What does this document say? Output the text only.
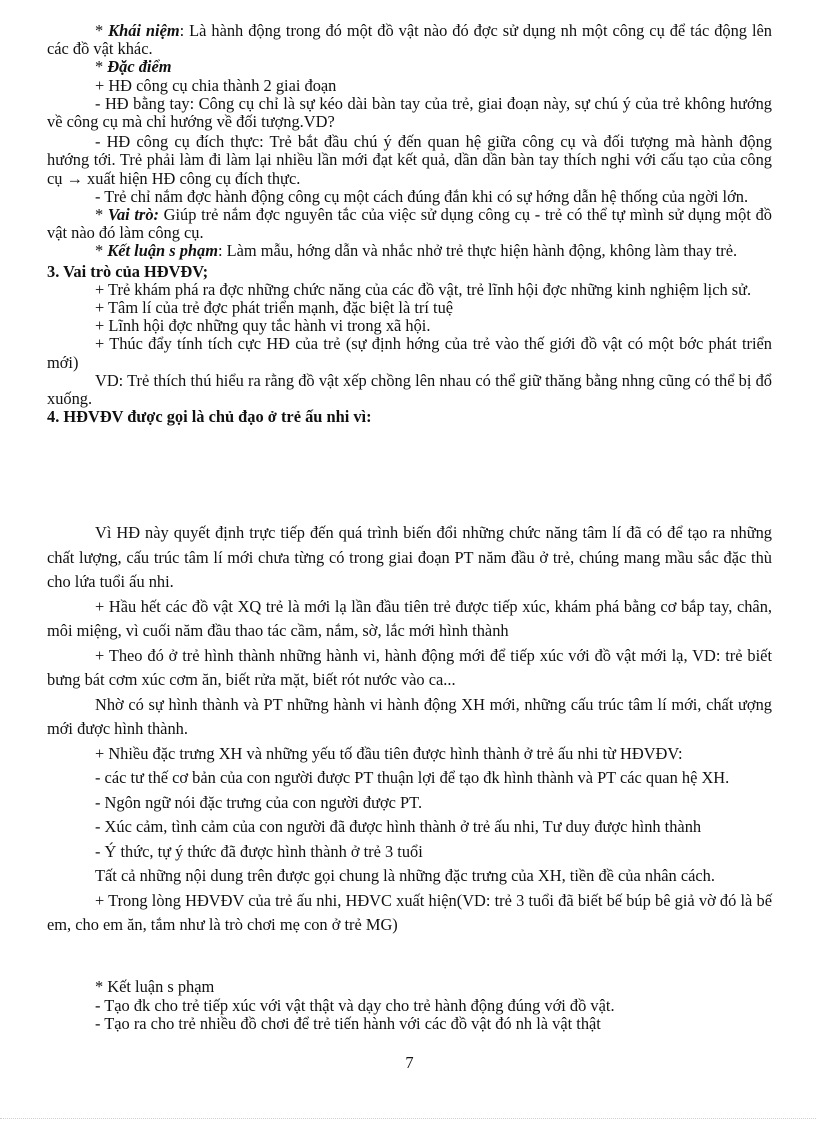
* Khái niệm: Là hành động trong đó một đồ vật nào đó đợc sử dụng nh một công cụ để tác động lên các đồ vật khác.

* Đặc điểm

+ HĐ công cụ chia thành 2 giai đoạn

- HĐ bằng tay: Công cụ chỉ là sự kéo dài bàn tay của trẻ, giai đoạn này, sự chú ý của trẻ không hướng về công cụ mà chỉ hướng về đối tượng.VD?

- HĐ công cụ đích thực: Trẻ bắt đầu chú ý đến quan hệ giữa công cụ và đối tượng mà hành động hướng tới. Trẻ phải làm đi làm lại nhiều lần mới đạt kết quả, dần dần bàn tay thích nghi với cấu tạo của công cụ → xuất hiện HĐ công cụ đích thực.

- Trẻ chỉ nắm đợc hành động công cụ một cách đúng đắn khi có sự hớng dẫn hệ thống của ngời lớn.

* Vai trò: Giúp trẻ nắm đợc nguyên tắc của việc sử dụng công cụ - trẻ có thể tự mình sử dụng một đồ vật nào đó làm công cụ.

* Kết luận s phạm: Làm mẫu, hớng dẫn và nhắc nhở trẻ thực hiện hành động, không làm thay trẻ.

3. Vai trò của HĐVĐV;

+ Trẻ khám phá ra đợc những chức năng của các đồ vật, trẻ lĩnh hội đợc những kinh nghiệm lịch sử.

+ Tâm lí của trẻ đợc phát triển mạnh, đặc biệt là trí tuệ

+ Lĩnh hội đợc những quy tắc hành vi trong xã hội.

+ Thúc đẩy tính tích cực HĐ của trẻ (sự định hớng của trẻ vào thế giới đồ vật có một bớc phát triển mới)

VD: Trẻ thích thú hiểu ra rằng đồ vật xếp chồng lên nhau có thể giữ thăng bằng nhng cũng có thể bị đổ xuống.

4. HĐVĐV được gọi là chủ đạo ở trẻ ấu nhi vì:

Vì HĐ này quyết định trực tiếp đến quá trình biến đổi những chức năng tâm lí đã có để tạo ra những chất lượng, cấu trúc tâm lí mới chưa từng có trong giai đoạn PT năm đầu ở trẻ, chúng mang mầu sắc đặc thù cho lứa tuổi ấu nhi.

+ Hầu hết các đồ vật XQ trẻ là mới lạ lần đầu tiên trẻ được tiếp xúc, khám phá bằng cơ bắp tay, chân, môi miệng, vì cuối năm đầu thao tác cầm, nắm, sờ, lắc mới hình thành

+ Theo đó ở trẻ hình thành những hành vi, hành động mới để tiếp xúc với đồ vật mới lạ, VD: trẻ biết bưng bát cơm xúc cơm ăn, biết rửa mặt, biết rót nước vào ca...

Nhờ có sự hình thành và PT những hành vi hành động XH mới, những cấu trúc tâm lí mới, chất ượng mới được hình thành.

+ Nhiều đặc trưng XH và những yếu tố đầu tiên được hình thành ở trẻ ấu nhi từ HĐVĐV:

- các tư thế cơ bản của con người được PT thuận lợi để tạo đk hình thành và PT các quan hệ XH.

- Ngôn ngữ nói đặc trưng của con người được PT.

- Xúc cảm, tình cảm của con người đã được hình thành ở trẻ ấu nhi, Tư duy được hình thành

- Ý thức, tự ý thức đã được hình thành ở trẻ 3 tuổi

Tất cả những nội dung trên được gọi chung là những đặc trưng của XH, tiền đề của nhân cách.

+ Trong lòng HĐVĐV của trẻ ấu nhi, HĐVC xuất hiện(VD: trẻ 3 tuổi đã biết bế búp bê giả vờ đó là bế em, cho em ăn, tắm như là trò chơi mẹ con ở trẻ MG)

* Kết luận s phạm

- Tạo đk cho trẻ tiếp xúc với vật thật và dạy cho trẻ hành động đúng với đồ vật.

- Tạo ra cho trẻ nhiều đồ chơi để trẻ tiến hành với các đồ vật đó nh là vật thật

7
